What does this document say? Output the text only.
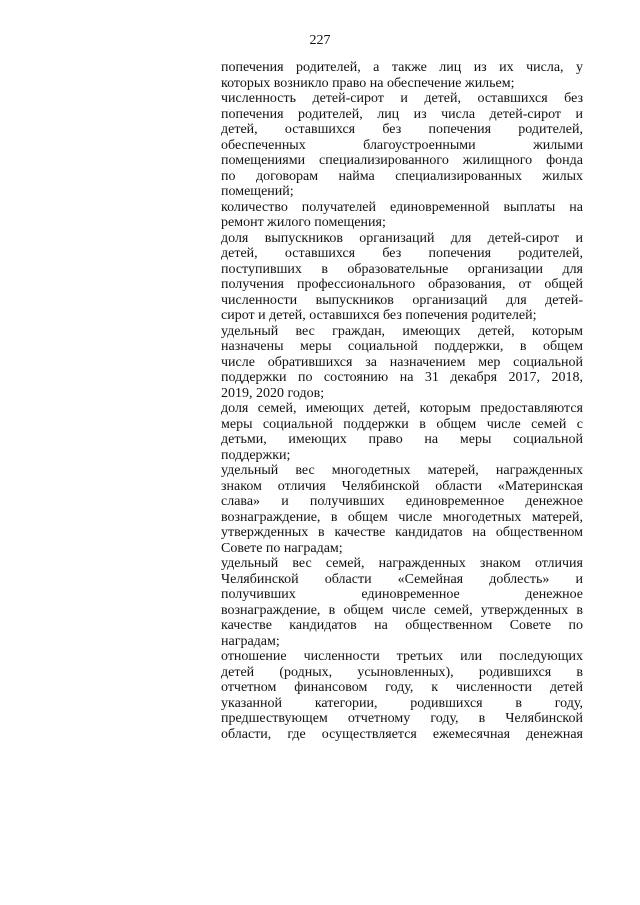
227

попечения родителей, а также лиц из их числа, у
которых возникло право на обеспечение жильем;

численность детей-сирот и детей, оставшихся без
попечения родителей, лиц из числа детей-сирот и
детей, оставшихся без попечения родителей,
обеспеченных благоустроенными жилыми
помещениями специализированного жилищного фонда
по договорам найма специализированных жилых
помещений;

количество получателей единовременной выплаты на
ремонт жилого помещения;

доля выпускников организаций для детей-сирот и
детей, оставшихся без попечения родителей,
поступивших в образовательные организации для
получения профессионального образования, от общей
численности выпускников организаций для детей-
сирот и детей, оставшихся без попечения родителей;

удельный вес граждан, имеющих детей, которым
назначены меры социальной поддержки, в общем
числе обратившихся за назначением мер социальной
поддержки по состоянию на 31 декабря 2017, 2018,
2019, 2020 годов;

доля семей, имеющих детей, которым предоставляются
меры социальной поддержки в общем числе семей с
детьми, имеющих право на меры социальной
поддержки;

удельный вес многодетных матерей, награжденных
знаком отличия Челябинской области «Материнская
слава» и получивших единовременное денежное
вознаграждение, в общем числе многодетных матерей,
утвержденных в качестве кандидатов на общественном
Совете по наградам;

удельный вес семей, награжденных знаком отличия
Челябинской области «Семейная доблесть» и
получивших единовременное денежное
вознаграждение, в общем числе семей, утвержденных в
качестве кандидатов на общественном Совете по
наградам;

отношение численности третьих или последующих
детей (родных, усыновленных), родившихся в
отчетном финансовом году, к численности детей
указанной категории, родившихся в году,
предшествующем отчетному году, в Челябинской
области, где осуществляется ежемесячная денежная
